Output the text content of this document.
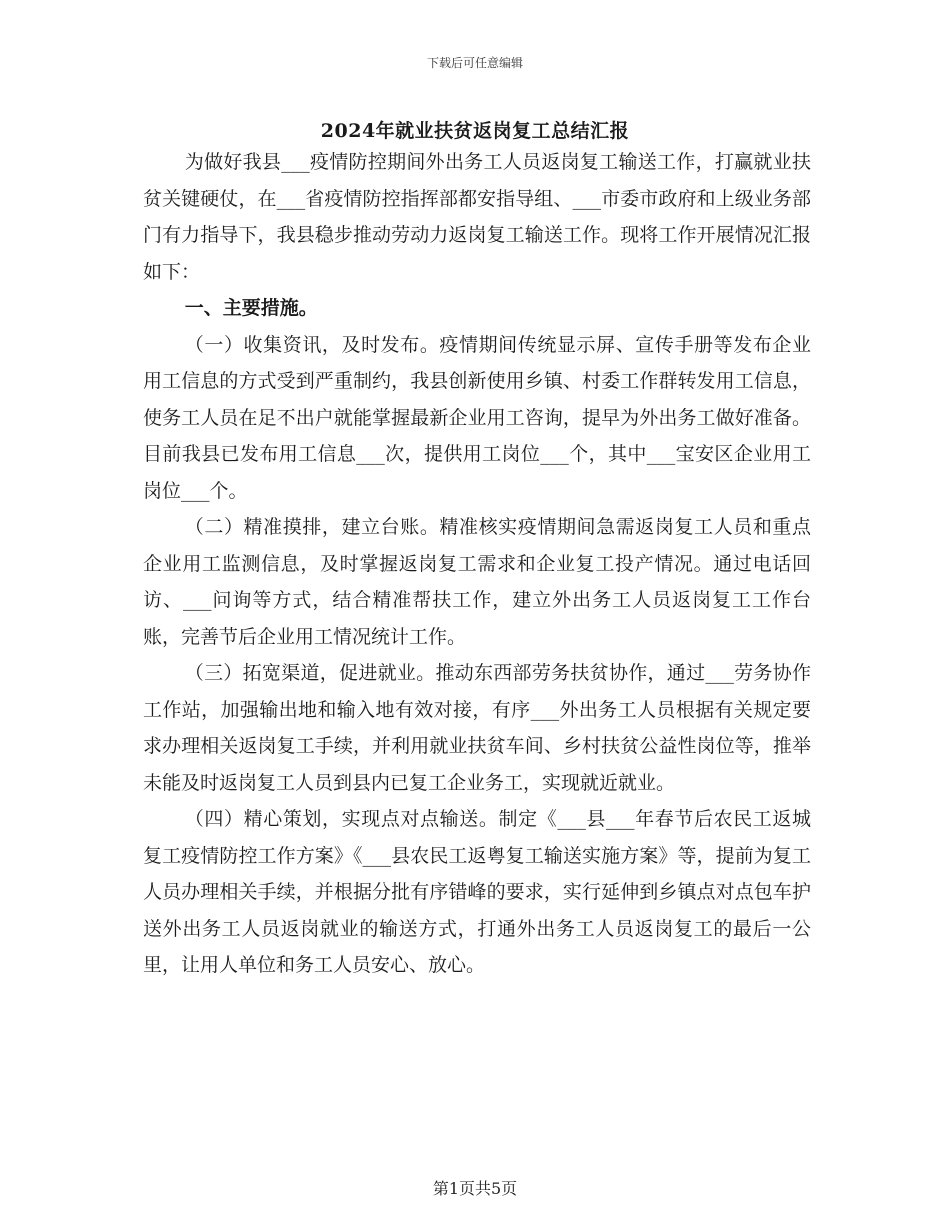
下载后可任意编辑
2024年就业扶贫返岗复工总结汇报

为做好我县___疫情防控期间外出务工人员返岗复工输送工作，打赢就业扶贫关键硬仗，在___省疫情防控指挥部都安指导组、___市委市政府和上级业务部门有力指导下，我县稳步推动劳动力返岗复工输送工作。现将工作开展情况汇报如下：

一、主要措施。

（一）收集资讯，及时发布。疫情期间传统显示屏、宣传手册等发布企业用工信息的方式受到严重制约，我县创新使用乡镇、村委工作群转发用工信息，使务工人员在足不出户就能掌握最新企业用工咨询，提早为外出务工做好准备。目前我县已发布用工信息___次，提供用工岗位___个，其中___宝安区企业用工岗位___个。

（二）精准摸排，建立台账。精准核实疫情期间急需返岗复工人员和重点企业用工监测信息，及时掌握返岗复工需求和企业复工投产情况。通过电话回访、___问询等方式，结合精准帮扶工作，建立外出务工人员返岗复工工作台账，完善节后企业用工情况统计工作。

（三）拓宽渠道，促进就业。推动东西部劳务扶贫协作，通过___劳务协作工作站，加强输出地和输入地有效对接，有序___外出务工人员根据有关规定要求办理相关返岗复工手续，并利用就业扶贫车间、乡村扶贫公益性岗位等，推举未能及时返岗复工人员到县内已复工企业务工，实现就近就业。

（四）精心策划，实现点对点输送。制定《___县___年春节后农民工返城复工疫情防控工作方案》《___县农民工返粤复工输送实施方案》等，提前为复工人员办理相关手续，并根据分批有序错峰的要求，实行延伸到乡镇点对点包车护送外出务工人员返岗就业的输送方式，打通外出务工人员返岗复工的最后一公里，让用人单位和务工人员安心、放心。

第1页共5页
